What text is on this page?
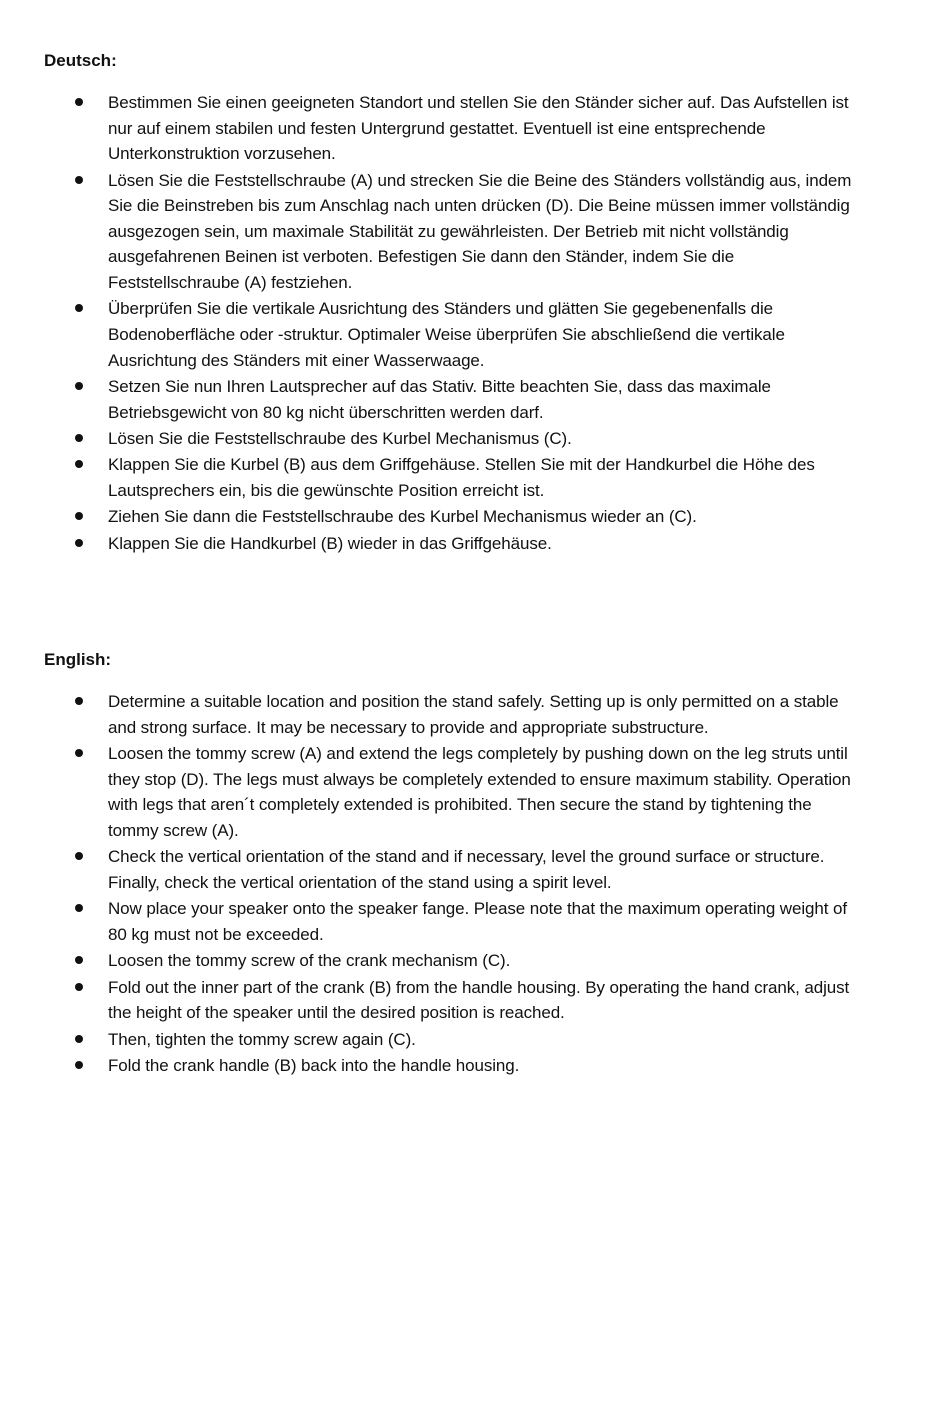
Deutsch:

Bestimmen Sie einen geeigneten Standort und stellen Sie den Ständer sicher auf. Das Aufstellen ist nur auf einem stabilen und festen Untergrund gestattet. Eventuell ist eine entsprechende Unterkonstruktion vorzusehen.
Lösen Sie die Feststellschraube (A) und strecken Sie die Beine des Ständers vollständig aus, indem Sie die Beinstreben bis zum Anschlag nach unten drücken (D). Die Beine müssen immer vollständig ausgezogen sein, um maximale Stabilität zu gewährleisten. Der Betrieb mit nicht vollständig ausgefahrenen Beinen ist verboten. Befestigen Sie dann den Ständer, indem Sie die Feststellschraube (A) festziehen.
Überprüfen Sie die vertikale Ausrichtung des Ständers und glätten Sie gegebenenfalls die Bodenoberfläche oder -struktur. Optimaler Weise überprüfen Sie abschließend die vertikale Ausrichtung des Ständers mit einer Wasserwaage.
Setzen Sie nun Ihren Lautsprecher auf das Stativ. Bitte beachten Sie, dass das maximale Betriebsgewicht von 80 kg nicht überschritten werden darf.
Lösen Sie die Feststellschraube des Kurbel Mechanismus (C).
Klappen Sie die Kurbel (B) aus dem Griffgehäuse. Stellen Sie mit der Handkurbel die Höhe des Lautsprechers ein, bis die gewünschte Position erreicht ist.
Ziehen Sie dann die Feststellschraube des Kurbel Mechanismus wieder an (C).
Klappen Sie die Handkurbel (B) wieder in das Griffgehäuse.

English:

Determine a suitable location and position the stand safely. Setting up is only permitted on a stable and strong surface. It may be necessary to provide and appropriate substructure.
Loosen the tommy screw (A) and extend the legs completely by pushing down on the leg struts until they stop (D). The legs must always be completely extended to ensure maximum stability. Operation with legs that aren´t completely extended is prohibited. Then secure the stand by tightening the tommy screw (A).
Check the vertical orientation of the stand and if necessary, level the ground surface or structure. Finally, check the vertical orientation of the stand using a spirit level.
Now place your speaker onto the speaker fange. Please note that the maximum operating weight of 80 kg must not be exceeded.
Loosen the tommy screw of the crank mechanism (C).
Fold out the inner part of the crank (B) from the handle housing. By operating the hand crank, adjust the height of the speaker until the desired position is reached.
Then, tighten the tommy screw again (C).
Fold the crank handle (B) back into the handle housing.
